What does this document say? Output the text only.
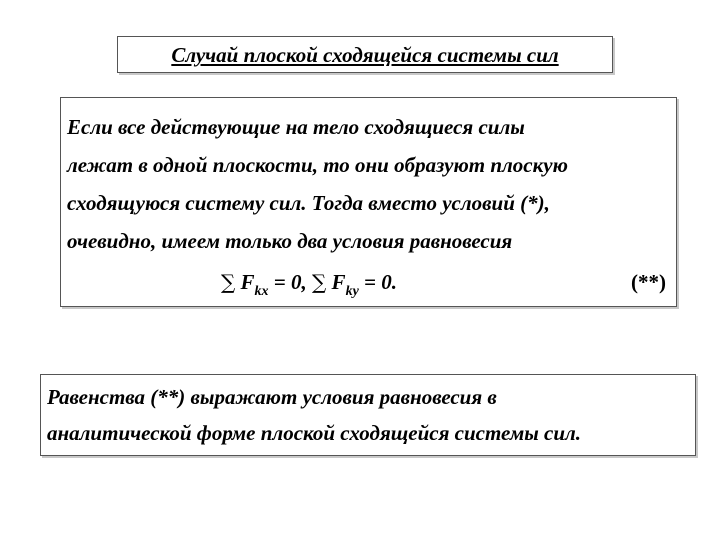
Случай плоской сходящейся системы сил
Если все действующие на тело сходящиеся силы
лежат в одной плоскости, то они образуют плоскую
сходящуюся систему сил. Тогда вместо условий (*),
очевидно, имеем только два условия равновесия
∑ $F_{kx} = 0$, ∑ $F_{ky} = 0$.	(**)
Равенства (**) выражают условия равновесия в
аналитической форме плоской сходящейся системы сил.
